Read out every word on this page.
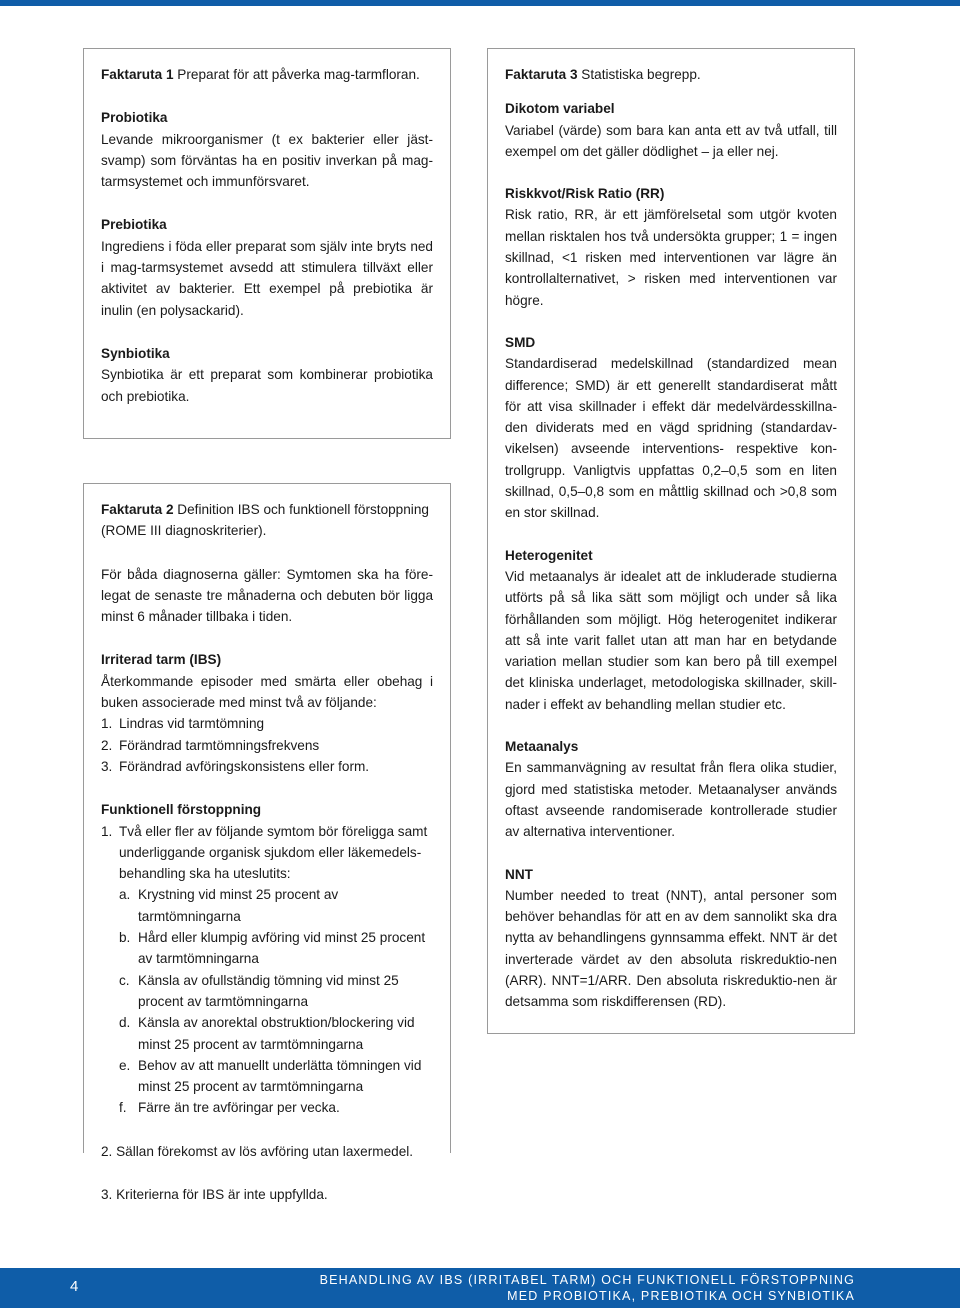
Faktaruta 1 Preparat för att påverka mag-tarmfloran.

Probiotika

Levande mikroorganismer (t ex bakterier eller jäst-svamp) som förväntas ha en positiv inverkan på mag-tarmsystemet och immunförsvaret.

Prebiotika

Ingrediens i föda eller preparat som själv inte bryts ned i mag-tarmsystemet avsedd att stimulera tillväxt eller aktivitet av bakterier. Ett exempel på prebiotika är inulin (en polysackarid).

Synbiotika

Synbiotika är ett preparat som kombinerar probiotika och prebiotika.

Faktaruta 2 Definition IBS och funktionell förstoppning (ROME III diagnoskriterier).

För båda diagnoserna gäller: Symtomen ska ha före-legat de senaste tre månaderna och debuten bör ligga minst 6 månader tillbaka i tiden.

Irriterad tarm (IBS)

Återkommande episoder med smärta eller obehag i buken associerade med minst två av följande:

1. Lindras vid tarmtömning
2. Förändrad tarmtömningsfrekvens
3. Förändrad avföringskonsistens eller form.

Funktionell förstoppning

1. Två eller fler av följande symtom bör föreligga samt underliggande organisk sjukdom eller läkemedels-behandling ska ha uteslutits:
a. Krystning vid minst 25 procent av tarmtömningarna
b. Hård eller klumpig avföring vid minst 25 procent av tarmtömningarna
c. Känsla av ofullständig tömning vid minst 25 procent av tarmtömningarna
d. Känsla av anorektal obstruktion/blockering vid minst 25 procent av tarmtömningarna
e. Behov av att manuellt underlätta tömningen vid minst 25 procent av tarmtömningarna
f. Färre än tre avföringar per vecka.

2. Sällan förekomst av lös avföring utan laxermedel.

3. Kriterierna för IBS är inte uppfyllda.

Faktaruta 3 Statistiska begrepp.

Dikotom variabel

Variabel (värde) som bara kan anta ett av två utfall, till exempel om det gäller dödlighet – ja eller nej.

Riskkvot/Risk Ratio (RR)

Risk ratio, RR, är ett jämförelsetal som utgör kvoten mellan risktalen hos två undersökta grupper; 1 = ingen skillnad, <1 risken med interventionen var lägre än kontrollalternativet, > risken med interventionen var högre.

SMD

Standardiserad medelskillnad (standardized mean difference; SMD) är ett generellt standardiserat mått för att visa skillnader i effekt där medelvärdesskillna-den dividerats med en vägd spridning (standardav-vikelsen) avseende interventions- respektive kon-trollgrupp. Vanligtvis uppfattas 0,2–0,5 som en liten skillnad, 0,5–0,8 som en måttlig skillnad och >0,8 som en stor skillnad.

Heterogenitet

Vid metaanalys är idealet att de inkluderade studierna utförts på så lika sätt som möjligt och under så lika förhållanden som möjligt. Hög heterogenitet indikerar att så inte varit fallet utan att man har en betydande variation mellan studier som kan bero på till exempel det kliniska underlaget, metodologiska skillnader, skill-nader i effekt av behandling mellan studier etc.

Metaanalys

En sammanvägning av resultat från flera olika studier, gjord med statistiska metoder. Metaanalyser används oftast avseende randomiserade kontrollerade studier av alternativa interventioner.

NNT

Number needed to treat (NNT), antal personer som behöver behandlas för att en av dem sannolikt ska dra nytta av behandlingens gynnsamma effekt. NNT är det inverterade värdet av den absoluta riskreduktio-nen (ARR). NNT=1/ARR. Den absoluta riskreduktio-nen är detsamma som riskdifferensen (RD).

4	BEHANDLING AV IBS (IRRITABEL TARM) OCH FUNKTIONELL FÖRSTOPPNING
MED PROBIOTIKA, PREBIOTIKA OCH SYNBIOTIKA
